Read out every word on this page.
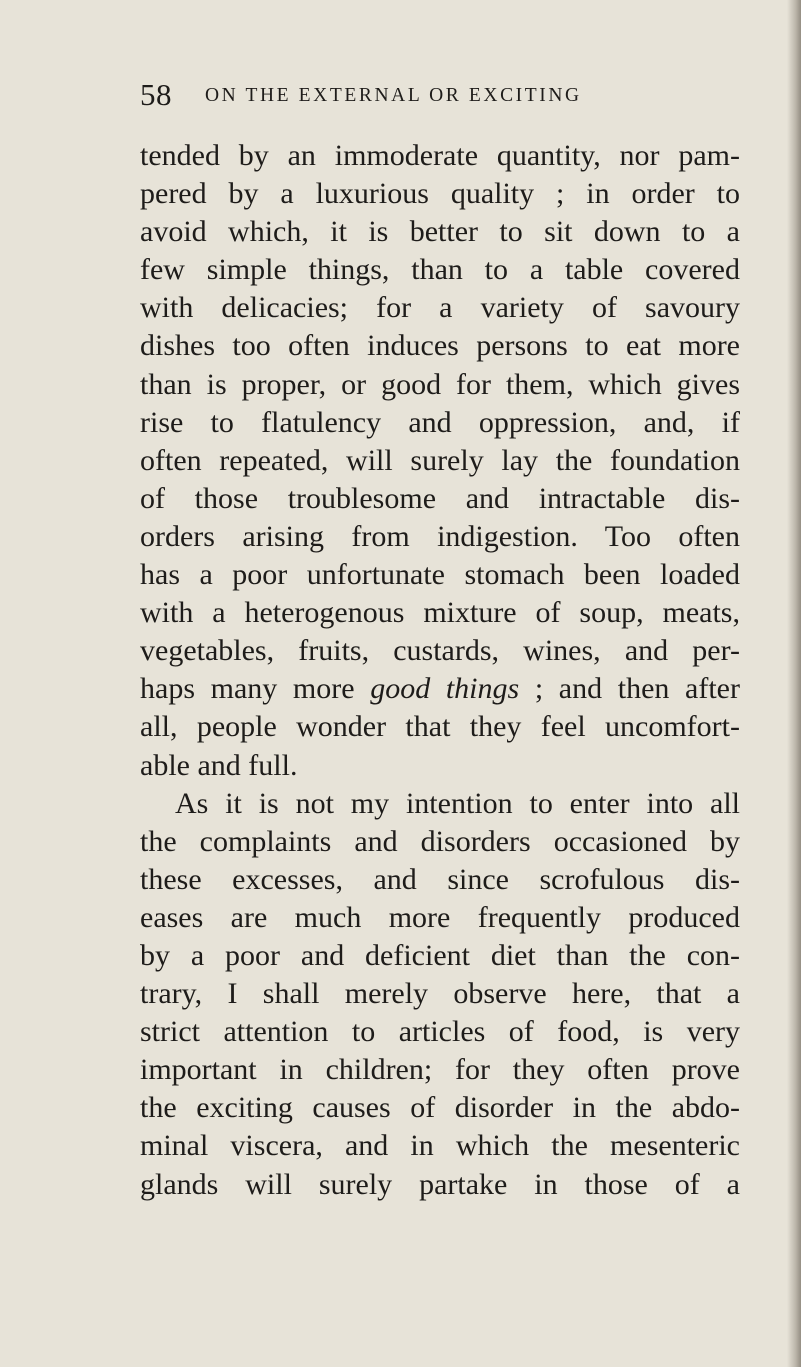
58 ON THE EXTERNAL OR EXCITING
tended by an immoderate quantity, nor pam-
pered by a luxurious quality ; in order to
avoid which, it is better to sit down to a
few simple things, than to a table covered
with delicacies; for a variety of savoury
dishes too often induces persons to eat more
than is proper, or good for them, which gives
rise to flatulency and oppression, and, if
often repeated, will surely lay the foundation
of those troublesome and intractable dis-
orders arising from indigestion. Too often
has a poor unfortunate stomach been loaded
with a heterogenous mixture of soup, meats,
vegetables, fruits, custards, wines, and per-
haps many more good things ; and then after
all, people wonder that they feel uncomfort-
able and full.
As it is not my intention to enter into all
the complaints and disorders occasioned by
these excesses, and since scrofulous dis-
eases are much more frequently produced
by a poor and deficient diet than the con-
trary, I shall merely observe here, that a
strict attention to articles of food, is very
important in children; for they often prove
the exciting causes of disorder in the abdo-
minal viscera, and in which the mesenteric
glands will surely partake in those of a
